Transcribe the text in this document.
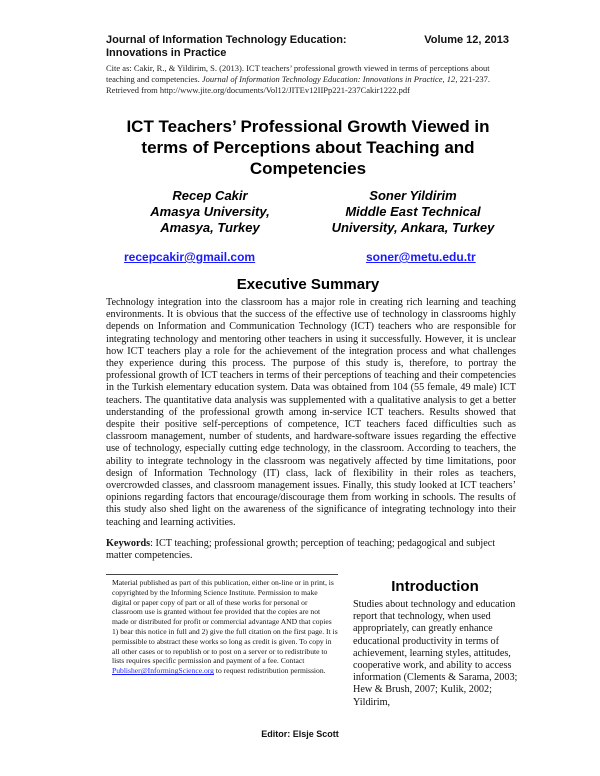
Journal of Information Technology Education:
Innovations in Practice
Volume 12, 2013
Cite as: Cakir, R., & Yildirim, S. (2013). ICT teachers’ professional growth viewed in terms of perceptions about teaching and competencies. Journal of Information Technology Education: Innovations in Practice, 12, 221-237. Retrieved from http://www.jite.org/documents/Vol12/JITEv12IIPp221-237Cakir1222.pdf
ICT Teachers’ Professional Growth Viewed in terms of Perceptions about Teaching and Competencies
Recep Cakir
Amasya University,
Amasya, Turkey
Soner Yildirim
Middle East Technical
University, Ankara, Turkey
recepcakir@gmail.com	soner@metu.edu.tr
Executive Summary

Technology integration into the classroom has a major role in creating rich learning and teaching environments. It is obvious that the success of the effective use of technology in classrooms highly depends on Information and Communication Technology (ICT) teachers who are responsible for integrating technology and mentoring other teachers in using it successfully. However, it is unclear how ICT teachers play a role for the achievement of the integration process and what challenges they experience during this process. The purpose of this study is, therefore, to portray the professional growth of ICT teachers in terms of their perceptions of teaching and their competencies in the Turkish elementary education system. Data was obtained from 104 (55 female, 49 male) ICT teachers. The quantitative data analysis was supplemented with a qualitative analysis to get a better understanding of the professional growth among in-service ICT teachers. Results showed that despite their positive self-perceptions of competence, ICT teachers faced difficulties such as classroom management, number of students, and hardware-software issues regarding the effective use of technology, especially cutting edge technology, in the classroom. According to teachers, the ability to integrate technology in the classroom was negatively affected by time limitations, poor design of Information Technology (IT) class, lack of flexibility in their roles as teachers, overcrowded classes, and classroom management issues. Finally, this study looked at ICT teachers’ opinions regarding factors that encourage/discourage them from working in schools. The results of this study also shed light on the awareness of the significance of integrating technology into their teaching and learning activities.

Keywords: ICT teaching; professional growth; perception of teaching; pedagogical and subject matter competencies.

Material published as part of this publication, either on-line or in print, is copyrighted by the Informing Science Institute. Permission to make digital or paper copy of part or all of these works for personal or classroom use is granted without fee provided that the copies are not made or distributed for profit or commercial advantage AND that copies 1) bear this notice in full and 2) give the full citation on the first page. It is permissible to abstract these works so long as credit is given. To copy in all other cases or to republish or to post on a server or to redistribute to lists requires specific permission and payment of a fee. Contact Publisher@InformingScience.org to request redistribution permission.

Introduction

Studies about technology and education report that technology, when used appropriately, can greatly enhance educational productivity in terms of achievement, learning styles, attitudes, cooperative work, and ability to access information (Clements & Sarama, 2003; Hew & Brush, 2007; Kulik, 2002; Yildirim,

Editor: Elsje Scott
